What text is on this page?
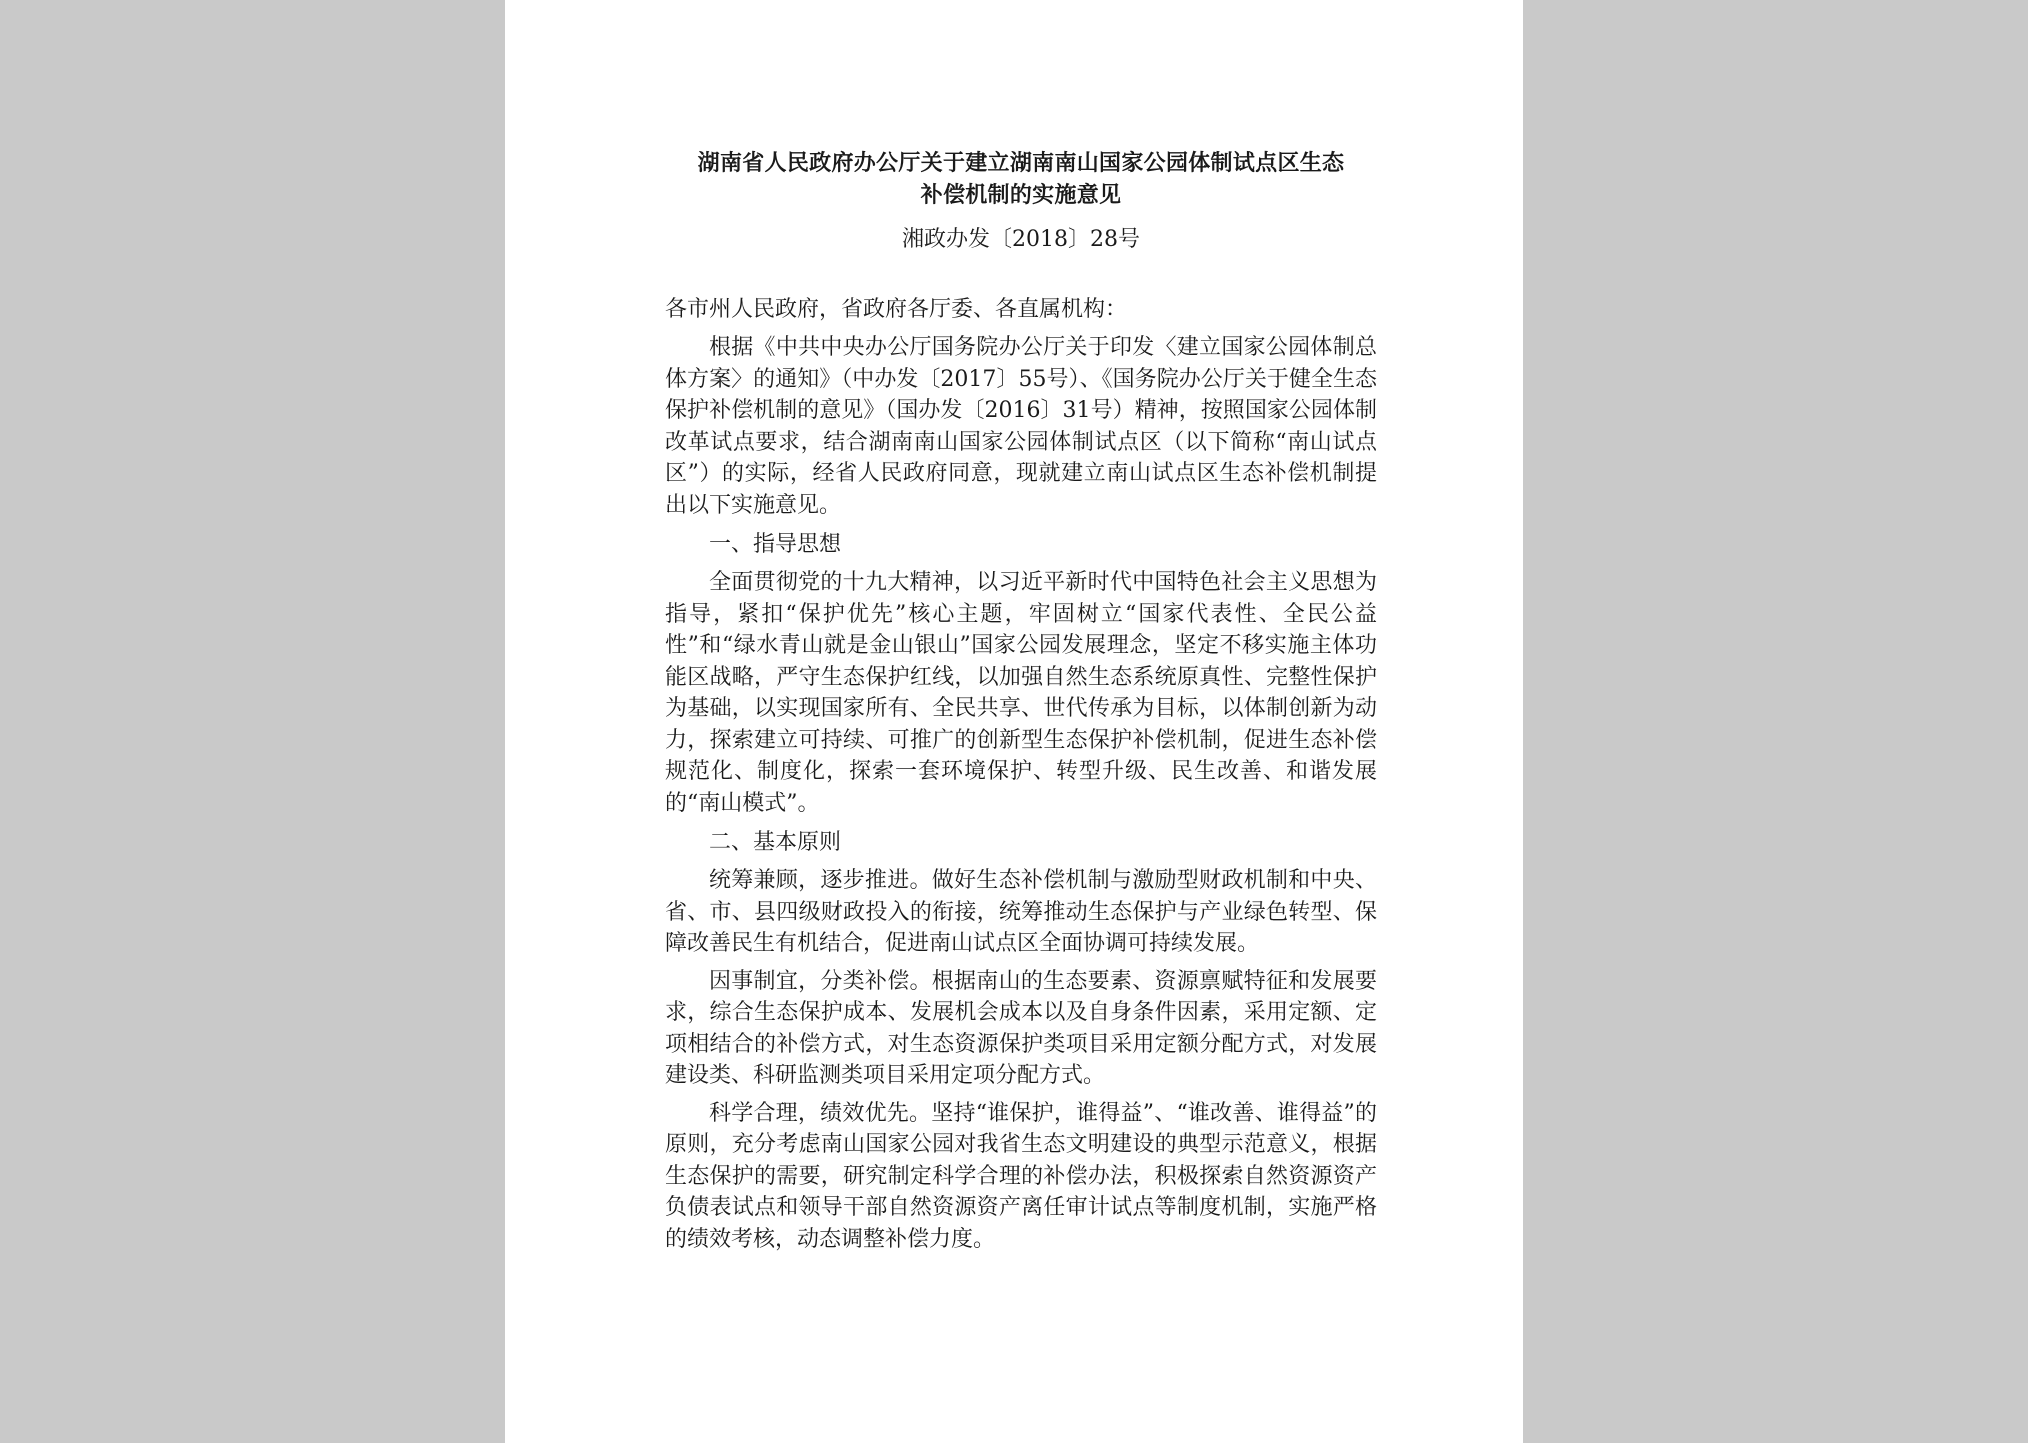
湖南省人民政府办公厅关于建立湖南南山国家公园体制试点区生态
补偿机制的实施意见

湘政办发〔2018〕28号

各市州人民政府，省政府各厅委、各直属机构：

根据《中共中央办公厅国务院办公厅关于印发〈建立国家公园体制总体方案〉的通知》（中办发〔2017〕55号）、《国务院办公厅关于健全生态保护补偿机制的意见》（国办发〔2016〕31号）精神，按照国家公园体制改革试点要求，结合湖南南山国家公园体制试点区（以下简称“南山试点区”）的实际，经省人民政府同意，现就建立南山试点区生态补偿机制提出以下实施意见。

一、指导思想

全面贯彻党的十九大精神，以习近平新时代中国特色社会主义思想为指导，紧扣“保护优先”核心主题，牢固树立“国家代表性、全民公益性”和“绿水青山就是金山银山”国家公园发展理念，坚定不移实施主体功能区战略，严守生态保护红线，以加强自然生态系统原真性、完整性保护为基础，以实现国家所有、全民共享、世代传承为目标，以体制创新为动力，探索建立可持续、可推广的创新型生态保护补偿机制，促进生态补偿规范化、制度化，探索一套环境保护、转型升级、民生改善、和谐发展的“南山模式”。

二、基本原则

统筹兼顾，逐步推进。做好生态补偿机制与激励型财政机制和中央、省、市、县四级财政投入的衔接，统筹推动生态保护与产业绿色转型、保障改善民生有机结合，促进南山试点区全面协调可持续发展。

因事制宜，分类补偿。根据南山的生态要素、资源禀赋特征和发展要求，综合生态保护成本、发展机会成本以及自身条件因素，采用定额、定项相结合的补偿方式，对生态资源保护类项目采用定额分配方式，对发展建设类、科研监测类项目采用定项分配方式。

科学合理，绩效优先。坚持“谁保护，谁得益”、“谁改善、谁得益”的原则，充分考虑南山国家公园对我省生态文明建设的典型示范意义，根据生态保护的需要，研究制定科学合理的补偿办法，积极探索自然资源资产负债表试点和领导干部自然资源资产离任审计试点等制度机制，实施严格的绩效考核，动态调整补偿力度。
